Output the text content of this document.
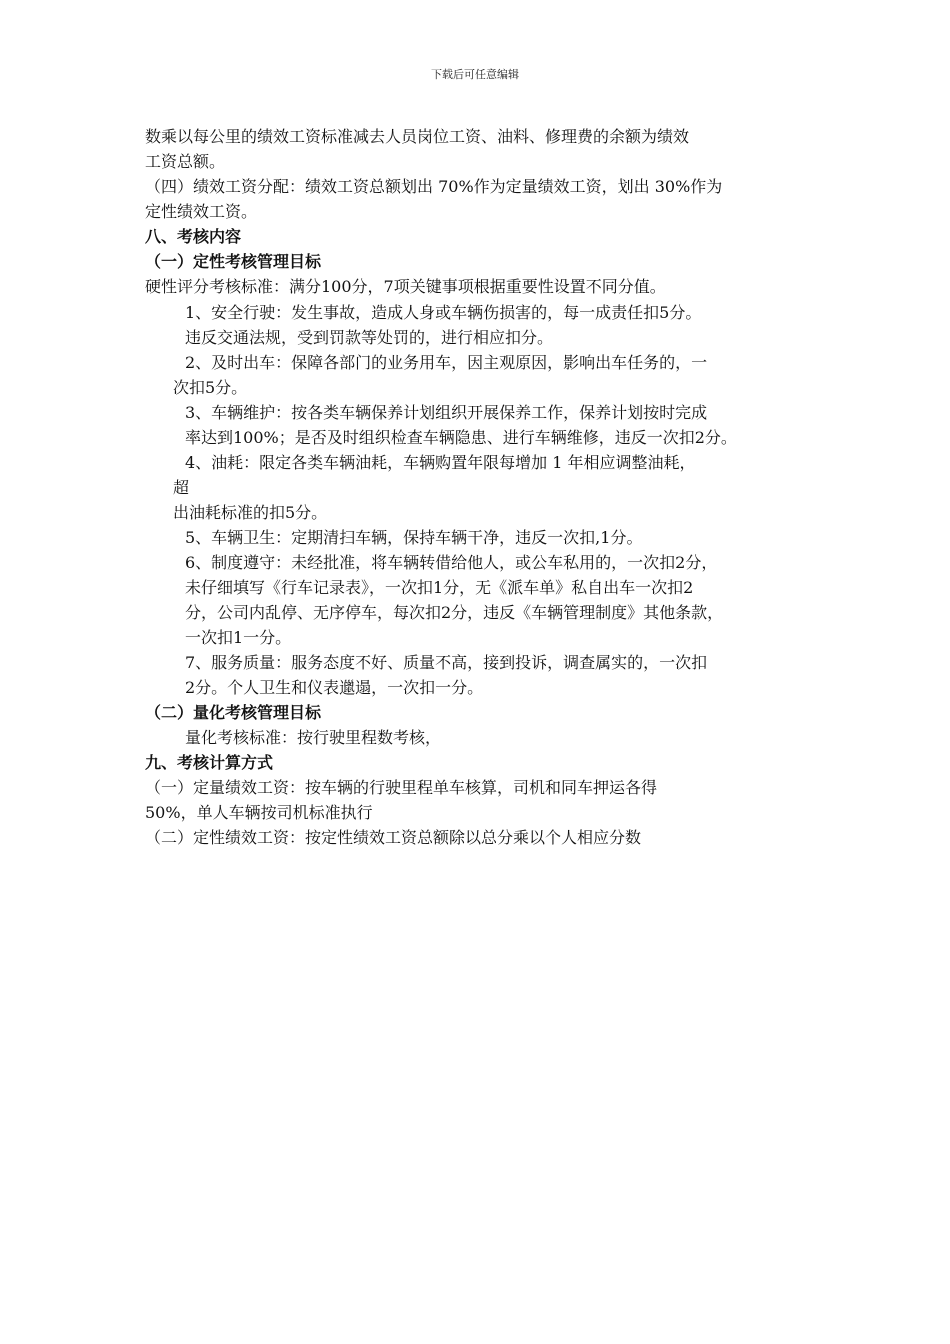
下载后可任意编辑
数乘以每公里的绩效工资标准减去人员岗位工资、油料、修理费的余额为绩效
工资总额。
（四）绩效工资分配：绩效工资总额划出 70%作为定量绩效工资，划出 30%作为
定性绩效工资。
八、考核内容
（一）定性考核管理目标
硬性评分考核标准：满分100分，7项关键事项根据重要性设置不同分值。
1、安全行驶：发生事故，造成人身或车辆伤损害的，每一成责任扣5分。
违反交通法规，受到罚款等处罚的，进行相应扣分。
2、及时出车：保障各部门的业务用车，因主观原因，影响出车任务的，一
次扣5分。
3、车辆维护：按各类车辆保养计划组织开展保养工作，保养计划按时完成
率达到100%；是否及时组织检查车辆隐患、进行车辆维修，违反一次扣2分。
4、油耗：限定各类车辆油耗，车辆购置年限每增加 1 年相应调整油耗，
超
出油耗标准的扣5分。
5、车辆卫生：定期清扫车辆，保持车辆干净，违反一次扣,1分。
6、制度遵守：未经批准，将车辆转借给他人，或公车私用的，一次扣2分，
未仔细填写《行车记录表》，一次扣1分，无《派车单》私自出车一次扣2
分，公司内乱停、无序停车，每次扣2分，违反《车辆管理制度》其他条款，
一次扣1一分。
7、服务质量：服务态度不好、质量不高，接到投诉，调查属实的，一次扣
2分。个人卫生和仪表邋遢，一次扣一分。
（二）量化考核管理目标
量化考核标准：按行驶里程数考核，
九、考核计算方式
（一）定量绩效工资：按车辆的行驶里程单车核算，司机和同车押运各得
50%，单人车辆按司机标准执行
（二）定性绩效工资：按定性绩效工资总额除以总分乘以个人相应分数
